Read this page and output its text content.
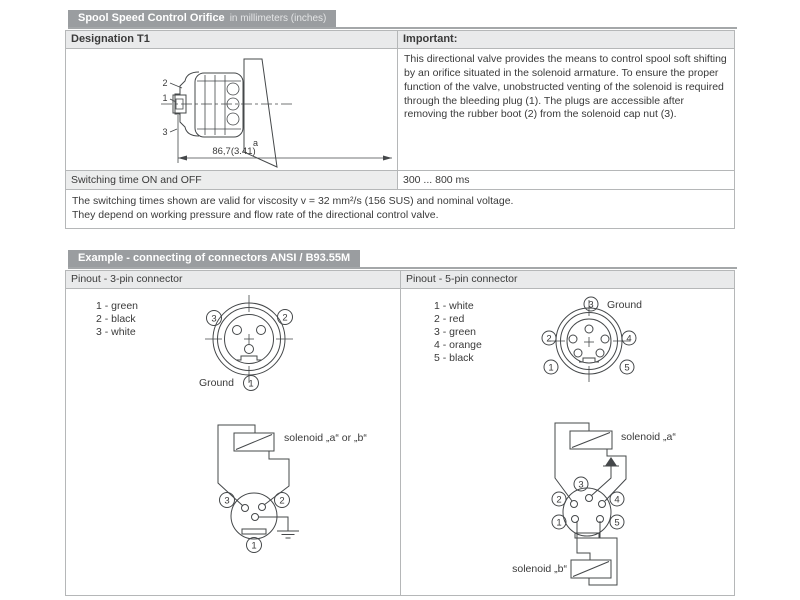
Spool Speed Control Orifice in millimeters (inches)
Designation T1	Important:
a
2
1
3
86,7(3.41)
This directional valve provides the means to control spool soft shifting by an orifice situated in the solenoid armature. To ensure the proper function of the valve, unobstructed venting of the solenoid is required through the bleeding plug (1). The plugs are accessible after removing the rubber boot (2) from the solenoid cap nut (3).
Switching time ON and OFF	300 ... 800 ms
The switching times shown are valid for viscosity v = 32 mm²/s (156 SUS) and nominal voltage.
They depend on working pressure and flow rate of the directional control valve.
Example - connecting of connectors ANSI / B93.55M
Pinout - 3-pin connector	Pinout - 5-pin connector
1 - green
2 - black
3 - white
3	2
1
Ground
solenoid „a“ or „b“
3	2
1
1 - white
2 - red
3 - green
4 - orange
5 - black
3 Ground
2	4
1	5
solenoid „a“
3
2	4
1	5
solenoid „b“
